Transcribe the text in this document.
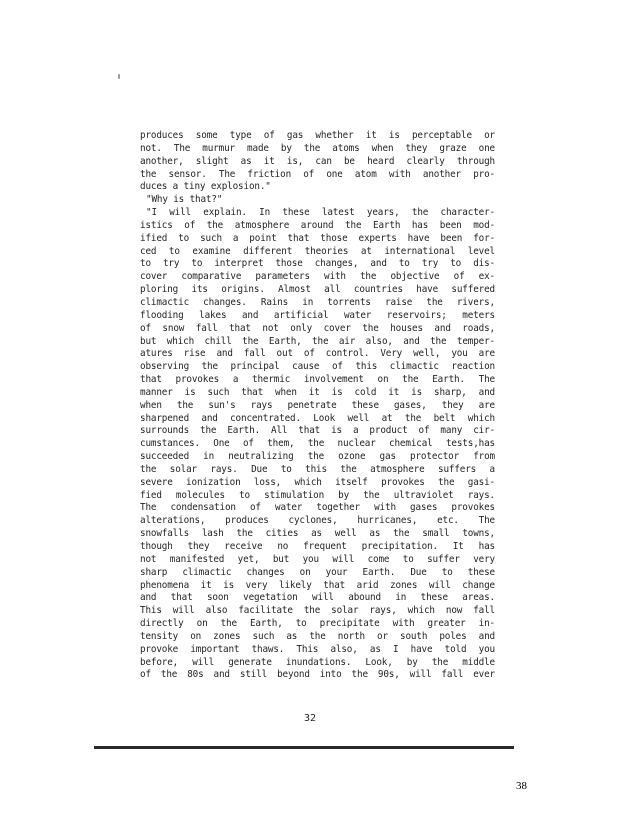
produces some type of gas whether it is perceptable or
not. The murmur made by the atoms when they graze one
another, slight as it is, can be heard clearly through
the sensor. The friction of one atom with another pro-
duces a tiny explosion."
"Why is that?"
"I will explain. In these latest years, the character-
istics of the atmosphere around the Earth has been mod-
ified to such a point that those experts have been for-
ced to examine different theories at international level
to try to interpret those changes, and to try to dis-
cover comparative parameters with the objective of ex-
ploring its origins. Almost all countries have suffered
climactic changes. Rains in torrents raise the rivers,
flooding lakes and artificial water reservoirs; meters
of snow fall that not only cover the houses and roads,
but which chill the Earth, the air also, and the temper-
atures rise and fall out of control. Very well, you are
observing the principal cause of this climactic reaction
that provokes a thermic involvement on the Earth. The
manner is such that when it is cold it is sharp, and
when the sun's rays penetrate these gases, they are
sharpened and concentrated. Look well at the belt which
surrounds the Earth. All that is a product of many cir-
cumstances. One of them, the nuclear chemical tests,has
succeeded in neutralizing the ozone gas protector from
the solar rays. Due to this the atmosphere suffers a
severe ionization loss, which itself provokes the gasi-
fied molecules to stimulation by the ultraviolet rays.
The condensation of water together with gases provokes
alterations, produces cyclones, hurricanes, etc. The
snowfalls lash the cities as well as the small towns,
though they receive no frequent precipitation. It has
not manifested yet, but you will come to suffer very
sharp climactic changes on your Earth. Due to these
phenomena it is very likely that arid zones will change
and that soon vegetation will abound in these areas.
This will also facilitate the solar rays, which now fall
directly on the Earth, to precipitate with greater in-
tensity on zones such as the north or south poles and
provoke important thaws. This also, as I have told you
before, will generate inundations. Look, by the middle
of the 80s and still beyond into the 90s, will fall ever
32
38
